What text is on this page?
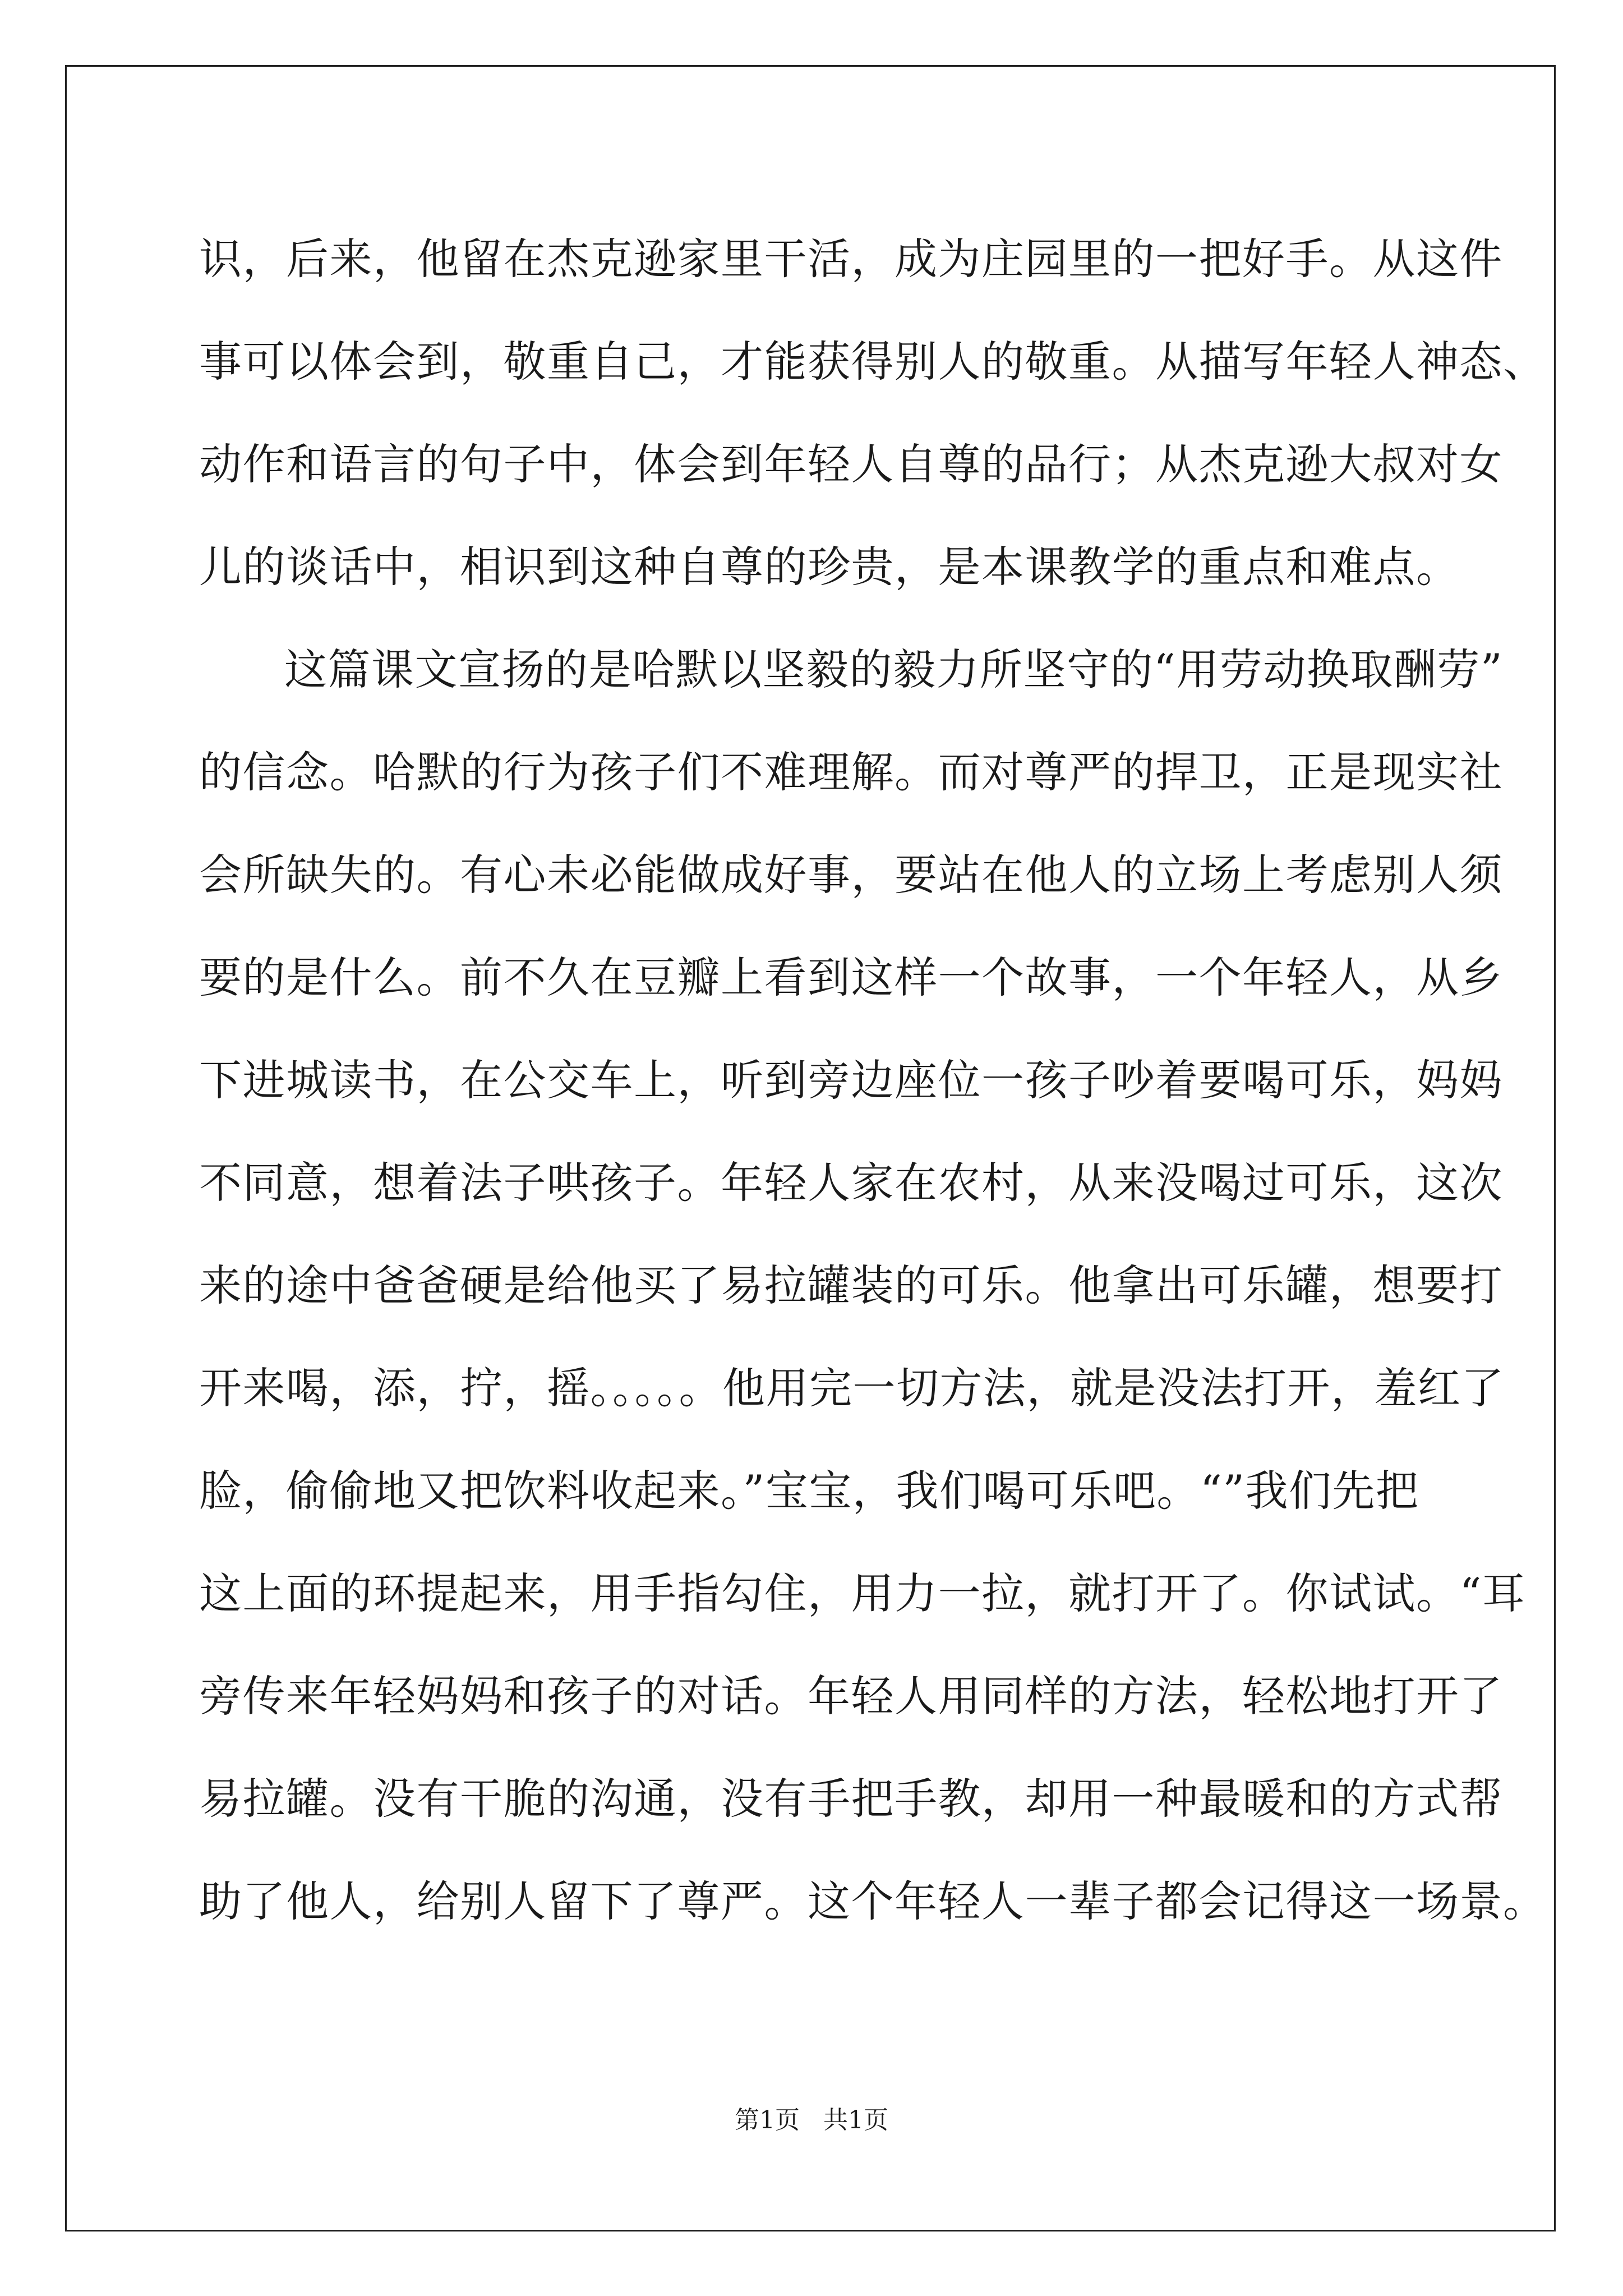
识，后来，他留在杰克逊家里干活，成为庄园里的一把好手。从这件
事可以体会到，敬重自己，才能获得别人的敬重。从描写年轻人神态、
动作和语言的句子中，体会到年轻人自尊的品行；从杰克逊大叔对女
儿的谈话中，相识到这种自尊的珍贵，是本课教学的重点和难点。
这篇课文宣扬的是哈默以坚毅的毅力所坚守的“用劳动换取酬劳”
的信念。哈默的行为孩子们不难理解。而对尊严的捍卫，正是现实社
会所缺失的。有心未必能做成好事，要站在他人的立场上考虑别人须
要的是什么。前不久在豆瓣上看到这样一个故事，一个年轻人，从乡
下进城读书，在公交车上，听到旁边座位一孩子吵着要喝可乐，妈妈
不同意，想着法子哄孩子。年轻人家在农村，从来没喝过可乐，这次
来的途中爸爸硬是给他买了易拉罐装的可乐。他拿出可乐罐，想要打
开来喝，添，拧，摇。。。。。他用完一切方法，就是没法打开，羞红了
脸，偷偷地又把饮料收起来。”宝宝，我们喝可乐吧。“”我们先把
这上面的环提起来，用手指勾住，用力一拉，就打开了。你试试。“耳
旁传来年轻妈妈和孩子的对话。年轻人用同样的方法，轻松地打开了
易拉罐。没有干脆的沟通，没有手把手教，却用一种最暖和的方式帮
助了他人，给别人留下了尊严。这个年轻人一辈子都会记得这一场景。
第1页 共1页
